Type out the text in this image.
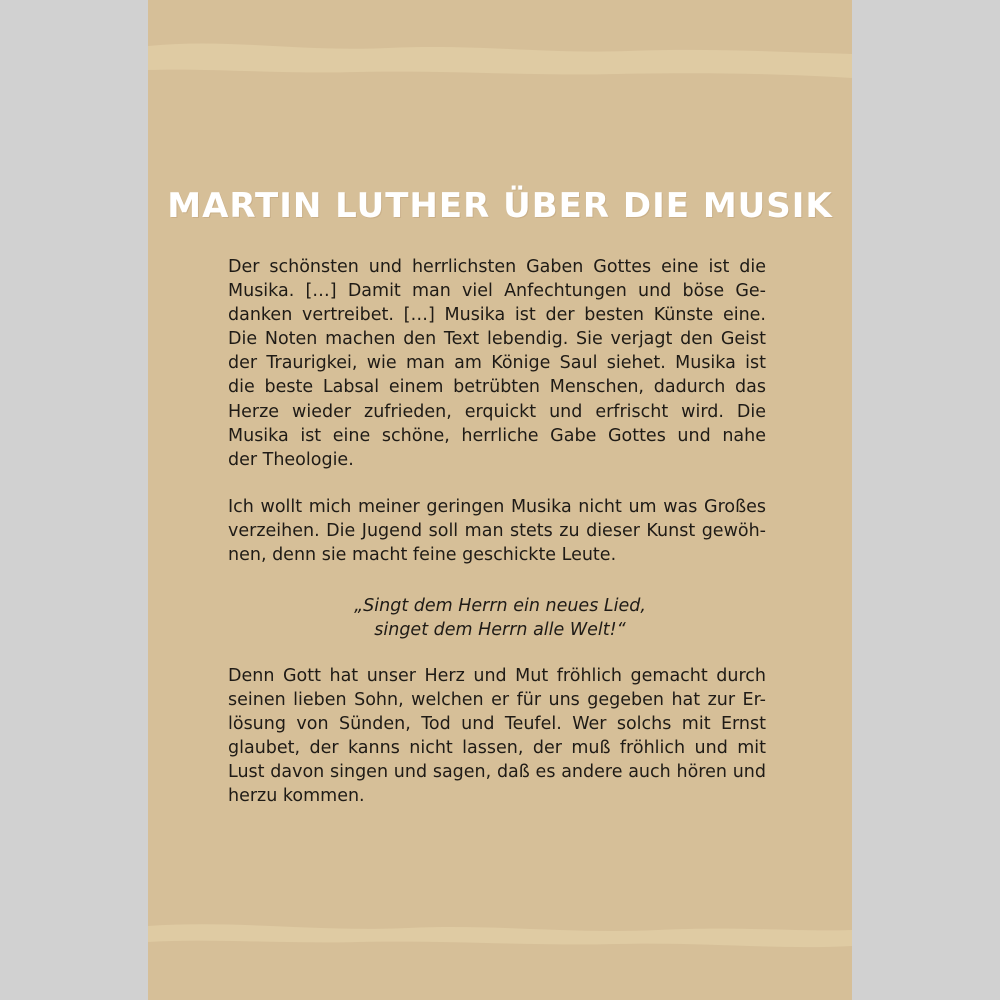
MARTIN LUTHER ÜBER DIE MUSIK
Der schönsten und herrlichsten Gaben Gottes eine ist die
Musika. […] Damit man viel Anfechtungen und böse Ge-
danken vertreibet. […] Musika ist der besten Künste eine.
Die Noten machen den Text lebendig. Sie verjagt den Geist
der Traurigkei, wie man am Könige Saul siehet. Musika ist
die beste Labsal einem betrübten Menschen, dadurch das
Herze wieder zufrieden, erquickt und erfrischt wird. Die
Musika ist eine schöne, herrliche Gabe Gottes und nahe
der Theologie.
Ich wollt mich meiner geringen Musika nicht um was Großes
verzeihen. Die Jugend soll man stets zu dieser Kunst gewöh-
nen, denn sie macht feine geschickte Leute.
„Singt dem Herrn ein neues Lied,
singet dem Herrn alle Welt!“
Denn Gott hat unser Herz und Mut fröhlich gemacht durch
seinen lieben Sohn, welchen er für uns gegeben hat zur Er-
lösung von Sünden, Tod und Teufel. Wer solchs mit Ernst
glaubet, der kanns nicht lassen, der muß fröhlich und mit
Lust davon singen und sagen, daß es andere auch hören und
herzu kommen.
